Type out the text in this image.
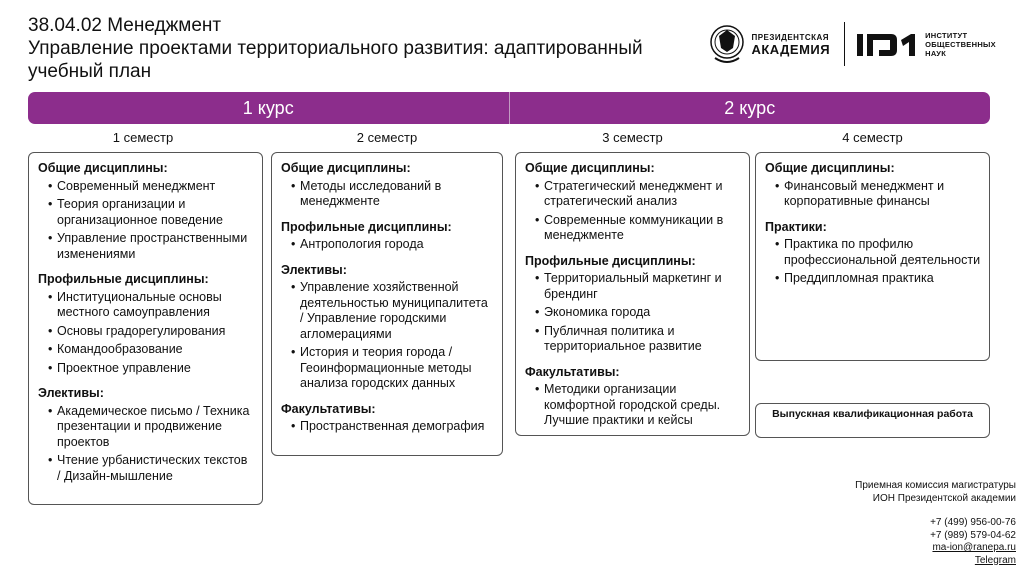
38.04.02 Менеджмент
Управление проектами территориального развития: адаптированный учебный план
ПРЕЗИДЕНТСКАЯ
АКАДЕМИЯ
ИНСТИТУТ
ОБЩЕСТВЕННЫХ
НАУК
1 курс	2 курс
1 семестр	2 семестр	3 семестр	4 семестр
Общие дисциплины:
• Современный менеджмент
• Теория организации и организационное поведение
• Управление пространственными изменениями
Профильные дисциплины:
• Институциональные основы местного самоуправления
• Основы градорегулирования
• Командообразование
• Проектное управление
Элективы:
• Академическое письмо / Техника презентации и продвижение проектов
• Чтение урбанистических текстов / Дизайн-мышление
Общие дисциплины:
• Методы исследований в менеджменте
Профильные дисциплины:
• Антропология города
Элективы:
• Управление хозяйственной деятельностью муниципалитета / Управление городскими агломерациями
• История и теория города / Геоинформационные методы анализа городских данных
Факультативы:
• Пространственная демография
Общие дисциплины:
• Стратегический менеджмент и стратегический анализ
• Современные коммуникации в менеджменте
Профильные дисциплины:
• Территориальный маркетинг и брендинг
• Экономика города
• Публичная политика и территориальное развитие
Факультативы:
• Методики организации комфортной городской среды. Лучшие практики и кейсы
Общие дисциплины:
• Финансовый менеджмент и корпоративные финансы
Практики:
• Практика по профилю профессиональной деятельности
• Преддипломная практика
Выпускная квалификационная работа
Приемная комиссия магистратуры
ИОН Президентской академии
+7 (499) 956-00-76
+7 (989) 579-04-62
ma-ion@ranepa.ru
Telegram
